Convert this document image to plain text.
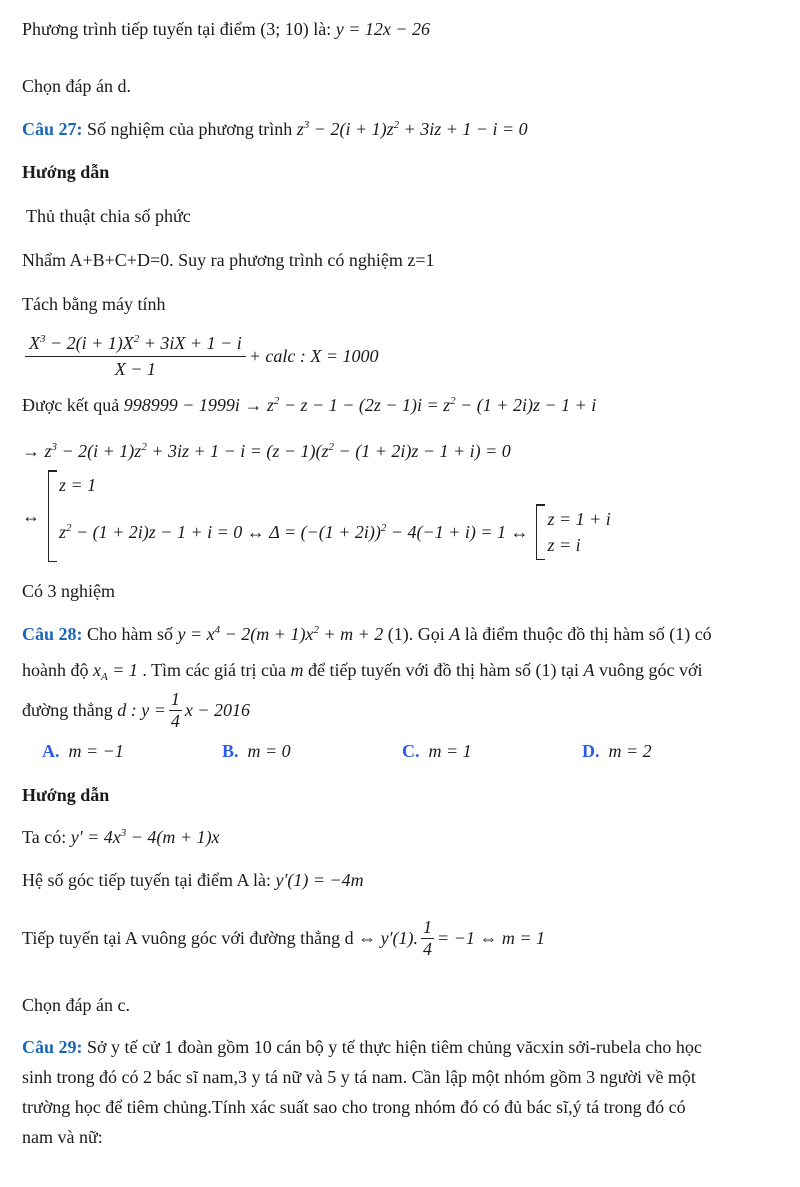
Phương trình tiếp tuyến tại điểm (3; 10) là: y = 12x − 26

Chọn đáp án d.

Câu 27: Số nghiệm của phương trình $z^3 - 2(i + 1)z^2 + 3iz + 1 - i = 0$

Hướng dẫn

Thủ thuật chia số phức

Nhẩm A+B+C+D=0. Suy ra phương trình có nghiệm z=1

Tách bằng máy tính

$\frac{X^3 - 2(i + 1)X^2 + 3iX + 1 - i}{X - 1}$ + calc : X = 1000

Được kết quả $998999 - 1999i \to z^2 - z - 1 - (2z - 1)i = z^2 - (1 + 2i)z - 1 + i$

→ $z^3 - 2(i + 1)z^2 + 3iz + 1 - i = (z - 1)(z^2 - (1 + 2i)z - 1 + i) = 0$

↔
z = 1
$z^2 - (1 + 2i)z - 1 + i = 0$ ↔ $\Delta = (-(1 + 2i))^2 - 4(-1 + i) = 1$ ↔
z = 1 + i
z = i

Có 3 nghiệm

Câu 28: Cho hàm số $y = x^4 - 2(m + 1)x^2 + m + 2$ (1). Gọi A là điểm thuộc đồ thị hàm số (1) có

hoành độ $x_A = 1$ . Tìm các giá trị của m để tiếp tuyến với đồ thị hàm số (1) tại A vuông góc với

đường thẳng d : $y = \frac{1}{4}$ x − 2016
A. m = −1	B. m = 0	C. m = 1	D. m = 2

Hướng dẫn

Ta có: $y' = 4x^3 - 4(m + 1)x$

Hệ số góc tiếp tuyến tại điểm A là: y′(1) = −4m

Tiếp tuyến tại A vuông góc với đường thẳng d ⇔ y′(1). $\frac{1}{4} = -1$ ⇔ m = 1

Chọn đáp án c.

Câu 29: Sở y tế cử 1 đoàn gồm 10 cán bộ y tế thực hiện tiêm chủng văcxin sởi-rubela cho học

sinh trong đó có 2 bác sĩ nam,3 y tá nữ và 5 y tá nam. Cần lập một nhóm gồm 3 người về một

trường học để tiêm chủng.Tính xác suất sao cho trong nhóm đó có đủ bác sĩ,ý tá trong đó có

nam và nữ:
